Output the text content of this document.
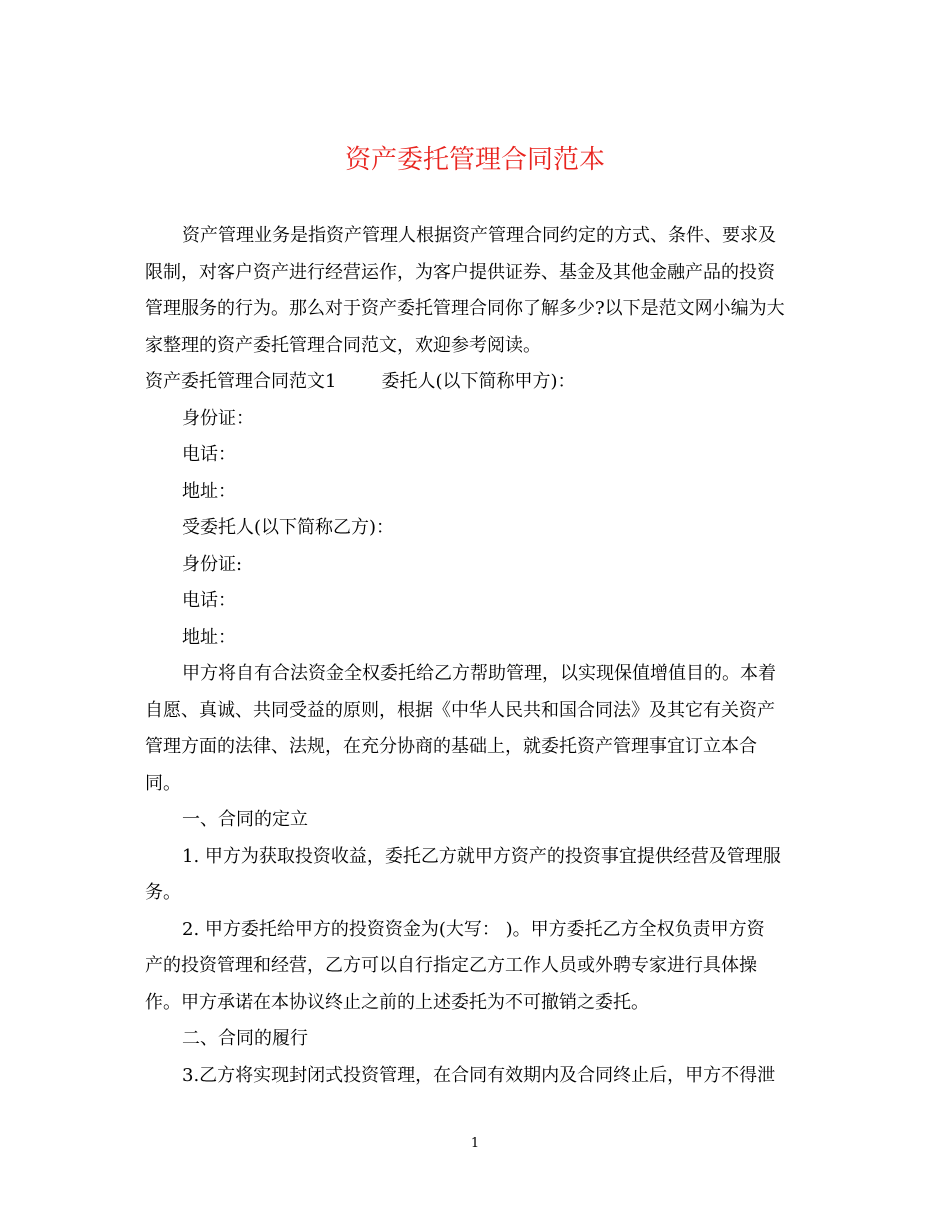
资产委托管理合同范本
资产管理业务是指资产管理人根据资产管理合同约定的方式、条件、要求及
限制，对客户资产进行经营运作，为客户提供证券、基金及其他金融产品的投资
管理服务的行为。那么对于资产委托管理合同你了解多少?以下是范文网小编为大
家整理的资产委托管理合同范文，欢迎参考阅读。
资产委托管理合同范文1	委托人(以下简称甲方)：
身份证：
电话：
地址：
受委托人(以下简称乙方)：
身份证:
电话：
地址：
甲方将自有合法资金全权委托给乙方帮助管理，以实现保值增值目的。本着
自愿、真诚、共同受益的原则，根据《中华人民共和国合同法》及其它有关资产
管理方面的法律、法规，在充分协商的基础上，就委托资产管理事宜订立本合
同。
一、合同的定立
1. 甲方为获取投资收益，委托乙方就甲方资产的投资事宜提供经营及管理服
务。
2. 甲方委托给甲方的投资资金为(大写： )。甲方委托乙方全权负责甲方资
产的投资管理和经营，乙方可以自行指定乙方工作人员或外聘专家进行具体操
作。甲方承诺在本协议终止之前的上述委托为不可撤销之委托。
二、合同的履行
3.乙方将实现封闭式投资管理，在合同有效期内及合同终止后，甲方不得泄
1
